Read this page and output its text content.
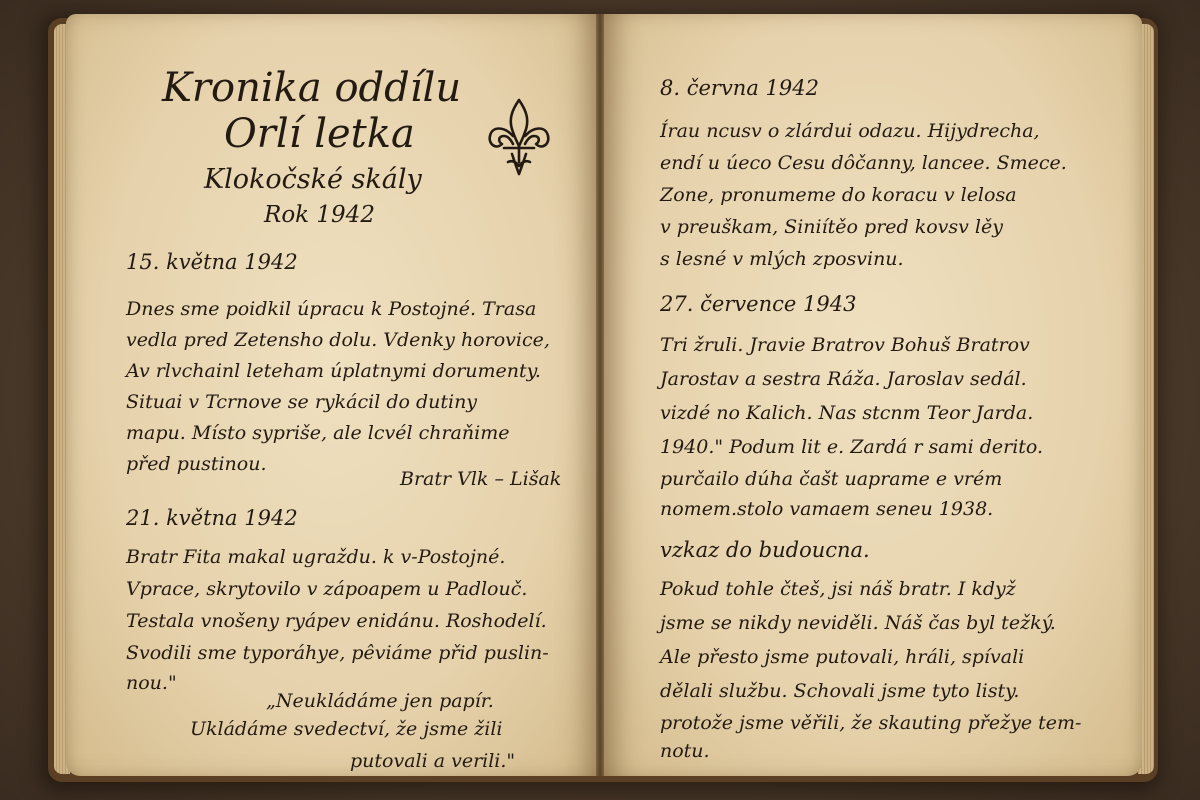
Kronika oddílu
Orlí letka
Klokočské skály
Rok 1942
15. května 1942
Dnes sme poidkil úpracu k Postojné. Trasa
vedla pred Zetensho dolu. Vdenky horovice,
Av rlvchainl leteham úplatnymi dorumenty.
Situai v Tcrnove se rykácil do dutiny
mapu. Místo sypriše, ale lcvél chraňime
před pustinou.
Bratr Vlk – Lišak
21. května 1942
Bratr Fita makal ugraždu. k v-Postojné.
Vprace, skrytovilo v zápoapem u Padlouč.
Testala vnošeny ryápev enidánu. Roshodelí.
Svodili sme typoráhye, pêviáme přid puslin-
nou."
„Neukládáme jen papír.
Ukládáme svedectví, že jsme žili
putovali a verili."
8. června 1942
Írau ncusv o zlárdui odazu. Hijydrecha,
endí u úeco Cesu dôčanny, lancee. Smece.
Zone, pronumeme do koracu v lelosa
v preuškam, Siniítěo pred kovsv lěy
s lesné v mlých zposvinu.
27. července 1943
Tri žruli. Jravie Bratrov Bohuš Bratrov
Jarostav a sestra Ráža. Jaroslav sedál.
vizdé no Kalich. Nas stcnm Teor Jarda.
1940." Podum lit e. Zardá r sami derito.
purčailo dúha čašt uaprame e vrém
nomem.stolo vamaem seneu 1938.
vzkaz do budoucna.
Pokud tohle čteš, jsi náš bratr. I když
jsme se nikdy neviděli. Náš čas byl težký.
Ale přesto jsme putovali, hráli, spívali
dělali službu. Schovali jsme tyto listy.
protože jsme věřili, že skauting přežye tem-
notu.
